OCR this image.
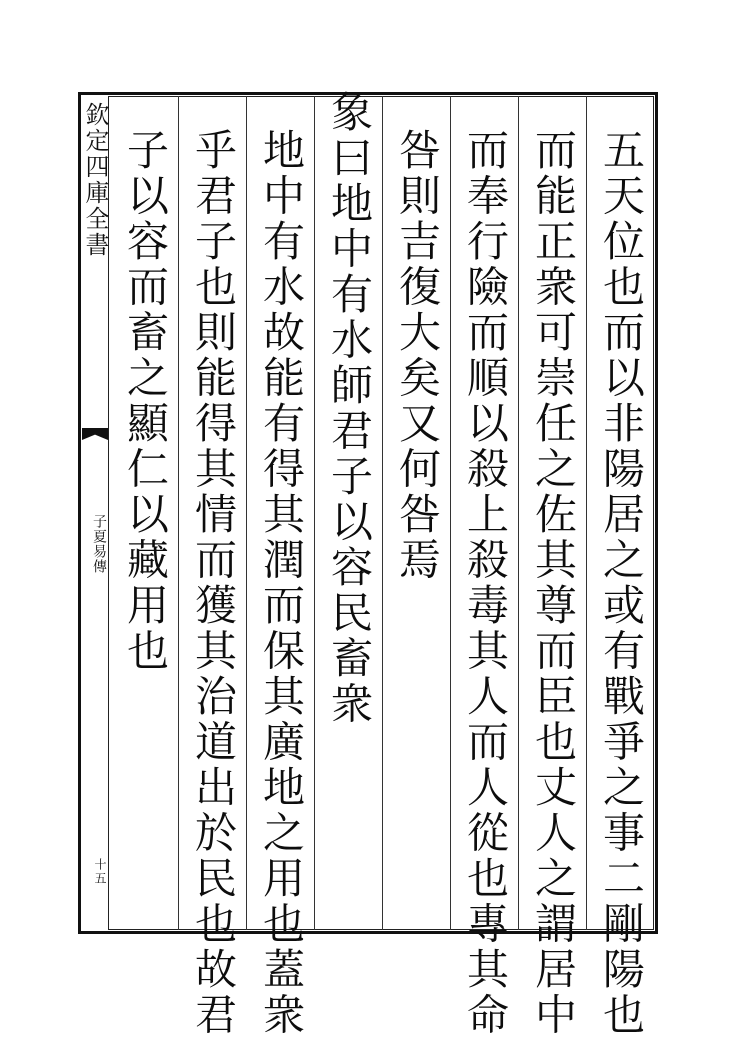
欽定四庫全書
子夏易傳
十五	五天位也而以非陽居之或有戰爭之事二剛陽也
而能正衆可崇任之佐其尊而臣也丈人之謂居中
而奉行險而順以殺上殺毒其人而人從也專其命
咎則吉復大矣又何咎焉
象曰地中有水師君子以容民畜衆
地中有水故能有得其潤而保其廣地之用也蓋衆
乎君子也則能得其情而獲其治道出於民也故君
子以容而畜之顯仁以藏用也
